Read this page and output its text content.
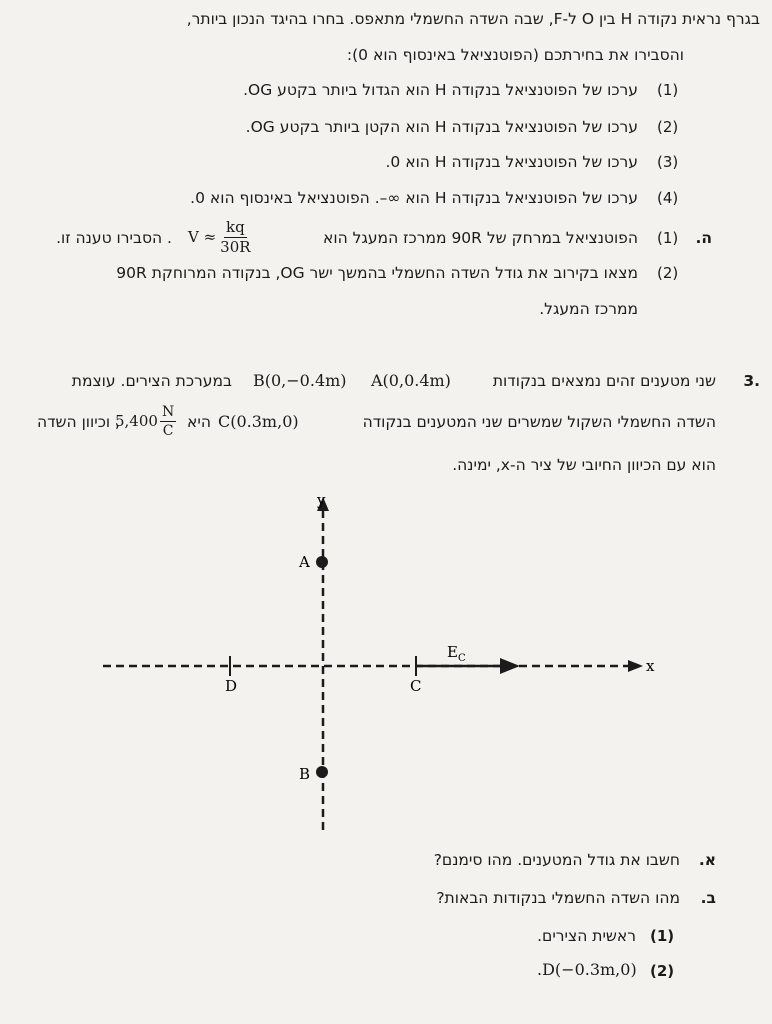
בגרף נראית נקודה H בין O ל-F, שבה השדה החשמלי מתאפס. בחרו בהיגד הנכון ביותר,
והסבירו את בחירתכם (הפוטנציאל באינסוף הוא 0):
(1)
ערכו של הפוטנציאל בנקודה H הוא הגדול ביותר בקטע OG.
(2)
ערכו של הפוטנציאל בנקודה H הוא הקטן ביותר בקטע OG.
(3)
ערכו של הפוטנציאל בנקודה H הוא 0.
(4)
ערכו של הפוטנציאל בנקודה H הוא ∞–. הפוטנציאל באינסוף הוא 0.
ה.
(1)
הפוטנציאל במרחק של 90R ממרכז המעגל הוא
$V \approx \frac{kq}{30R}$
. הסבירו טענה זו.
(2)
מצאו בקירוב את גודל השדה החשמלי בהמשך ישר OG, בנקודה המרוחקת 90R
ממרכז המעגל.
3.
שני מטענים זהים נמצאים בנקודות
A(0,0.4m)
B(0,−0.4m)
במערכת הצירים. עוצמת
השדה החשמלי השקול שמשרים שני המטענים בנקודה
C(0.3m,0)
היא
$5,400 \frac{N}{C}$
, וכיוון השדה
הוא עם הכיוון החיובי של ציר ה-x, ימינה.
y
x
D	C
$E_C$
A
B
א.
חשבו את גודל המטענים. מהו סימנם?
ב.
מהו השדה החשמלי בנקודות הבאות?
(1)
ראשית הצירים.
(2)
.D(−0.3m,0)
